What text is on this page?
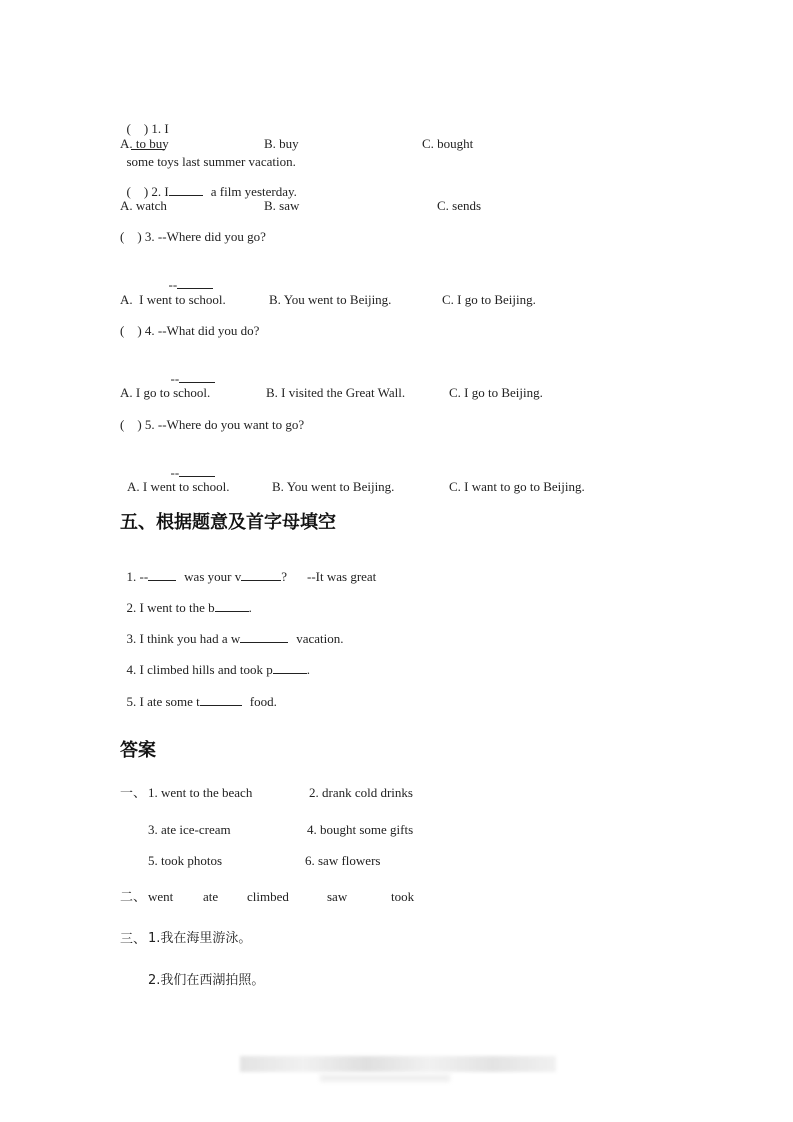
(    ) 1. I

some toys last summer vacation.

A. to buy	B. buy	C. bought

(    ) 2. I	a film yesterday.

A. watch	B. saw	C. sends
(    ) 3. --Where did you go?

--

A.  I went to school.	B. You went to Beijing.	C. I go to Beijing.
(    ) 4. --What did you do?

--

A. I go to school.	B. I visited the Great Wall.	C. I go to Beijing.
(    ) 5. --Where do you want to go?

--

A. I went to school.	B. You went to Beijing.	C. I want to go to Beijing.
五、根据题意及首字母填空

1. --	was your v	? --It was great

2. I went to the b	.

3. I think you had a w	vacation.

4. I climbed hills and took p	.

5. I ate some t	food.

答案
一、 1. went to the beach	2. drank cold drinks
3. ate ice-cream	4. bought some gifts
5. took photos	6. saw flowers
二、 went ate climbed	saw	took
三、 1.我在海里游泳。
2.我们在西湖拍照。
